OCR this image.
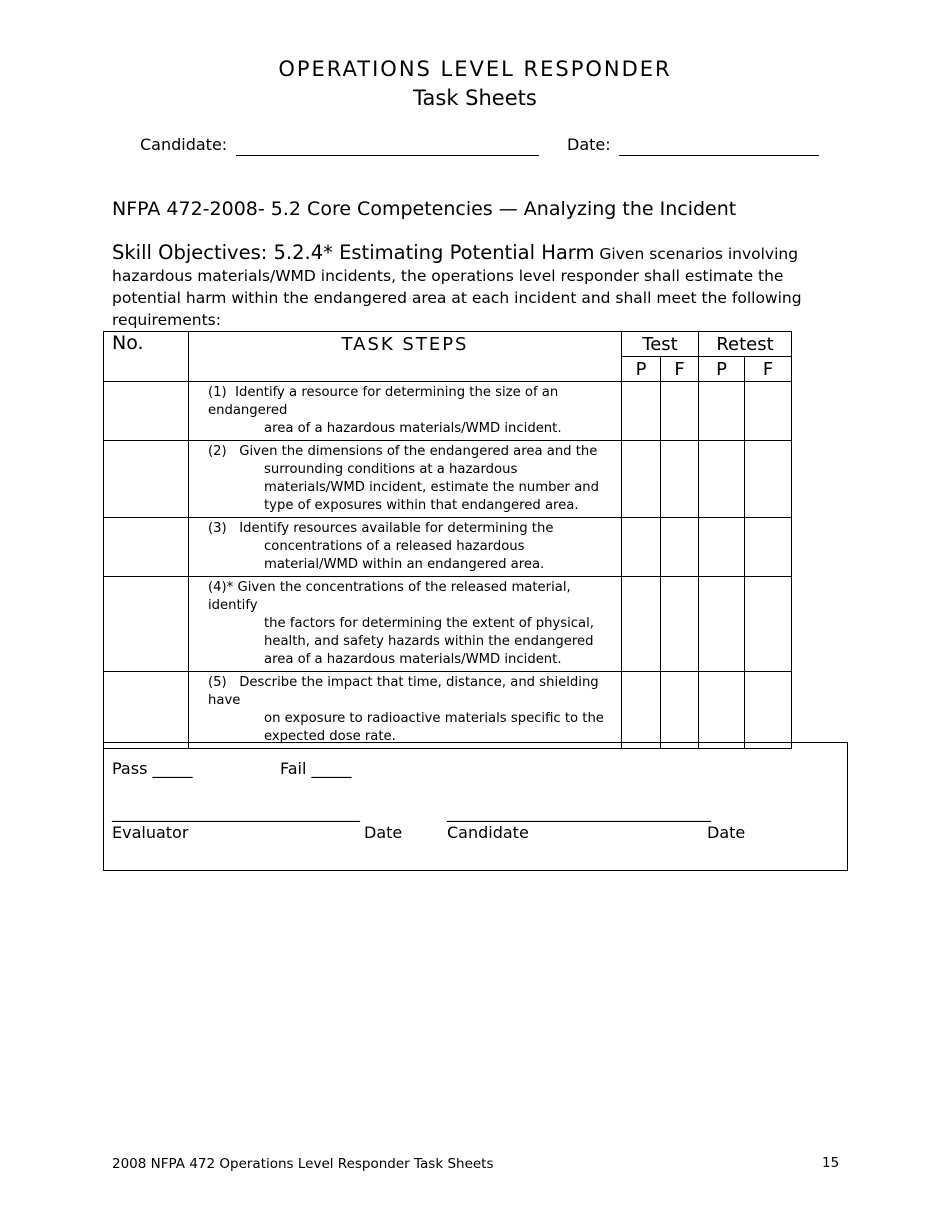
OPERATIONS LEVEL RESPONDER
Task Sheets
Candidate:	Date:
NFPA 472-2008- 5.2 Core Competencies — Analyzing the Incident
Skill Objectives: 5.2.4* Estimating Potential Harm Given scenarios involving hazardous materials/WMD incidents, the operations level responder shall estimate the potential harm within the endangered area at each incident and shall meet the following requirements:
No.	TASK STEPS	Test		Retest	
		P	F	P	F

	(1) Identify a resource for determining the size of an endangered
area of a hazardous materials/WMD incident.				

	(2) Given the dimensions of the endangered area and the
surrounding conditions at a hazardous materials/WMD incident, estimate the number and type of exposures within that endangered area.				

	(3) Identify resources available for determining the
concentrations of a released hazardous material/WMD within an endangered area.				

	(4)* Given the concentrations of the released material, identify
the factors for determining the extent of physical, health, and safety hazards within the endangered area of a hazardous materials/WMD incident.				

	(5) Describe the impact that time, distance, and shielding have
on exposure to radioactive materials specific to the expected dose rate.				

Pass _____	Fail _____
_______________________________	_________________________________
Evaluator	Date	Candidate	Date
2008 NFPA 472 Operations Level Responder Task Sheets	15
